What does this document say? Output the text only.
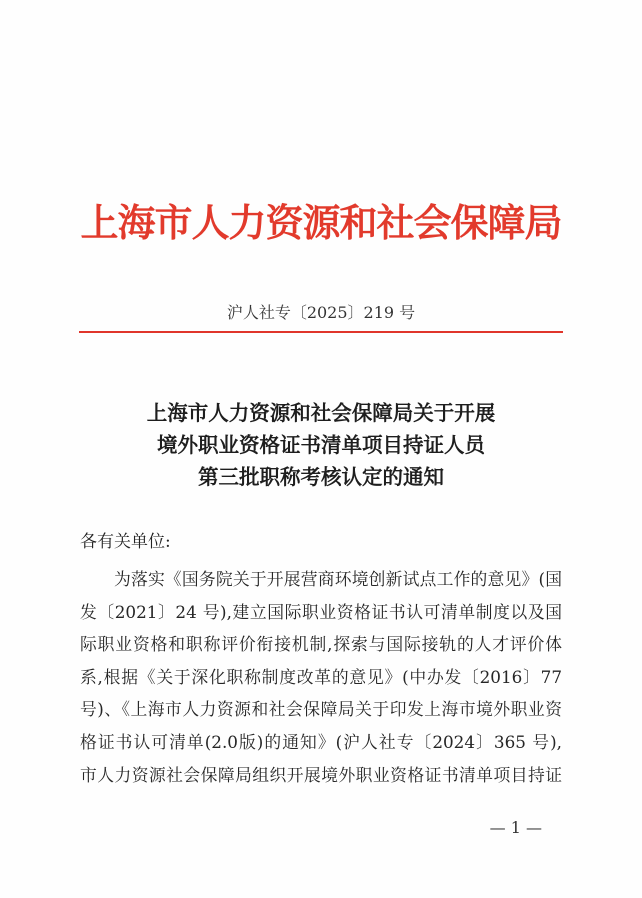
上海市人力资源和社会保障局
沪人社专〔2025〕219 号
上海市人力资源和社会保障局关于开展
境外职业资格证书清单项目持证人员
第三批职称考核认定的通知
各有关单位:
为落实《国务院关于开展营商环境创新试点工作的意见》(国
发〔2021〕24 号),建立国际职业资格证书认可清单制度以及国
际职业资格和职称评价衔接机制,探索与国际接轨的人才评价体
系,根据《关于深化职称制度改革的意见》(中办发〔2016〕77
号)、《上海市人力资源和社会保障局关于印发上海市境外职业资
格证书认可清单(2.0版)的通知》(沪人社专〔2024〕365 号),
市人力资源社会保障局组织开展境外职业资格证书清单项目持证
— 1 —
